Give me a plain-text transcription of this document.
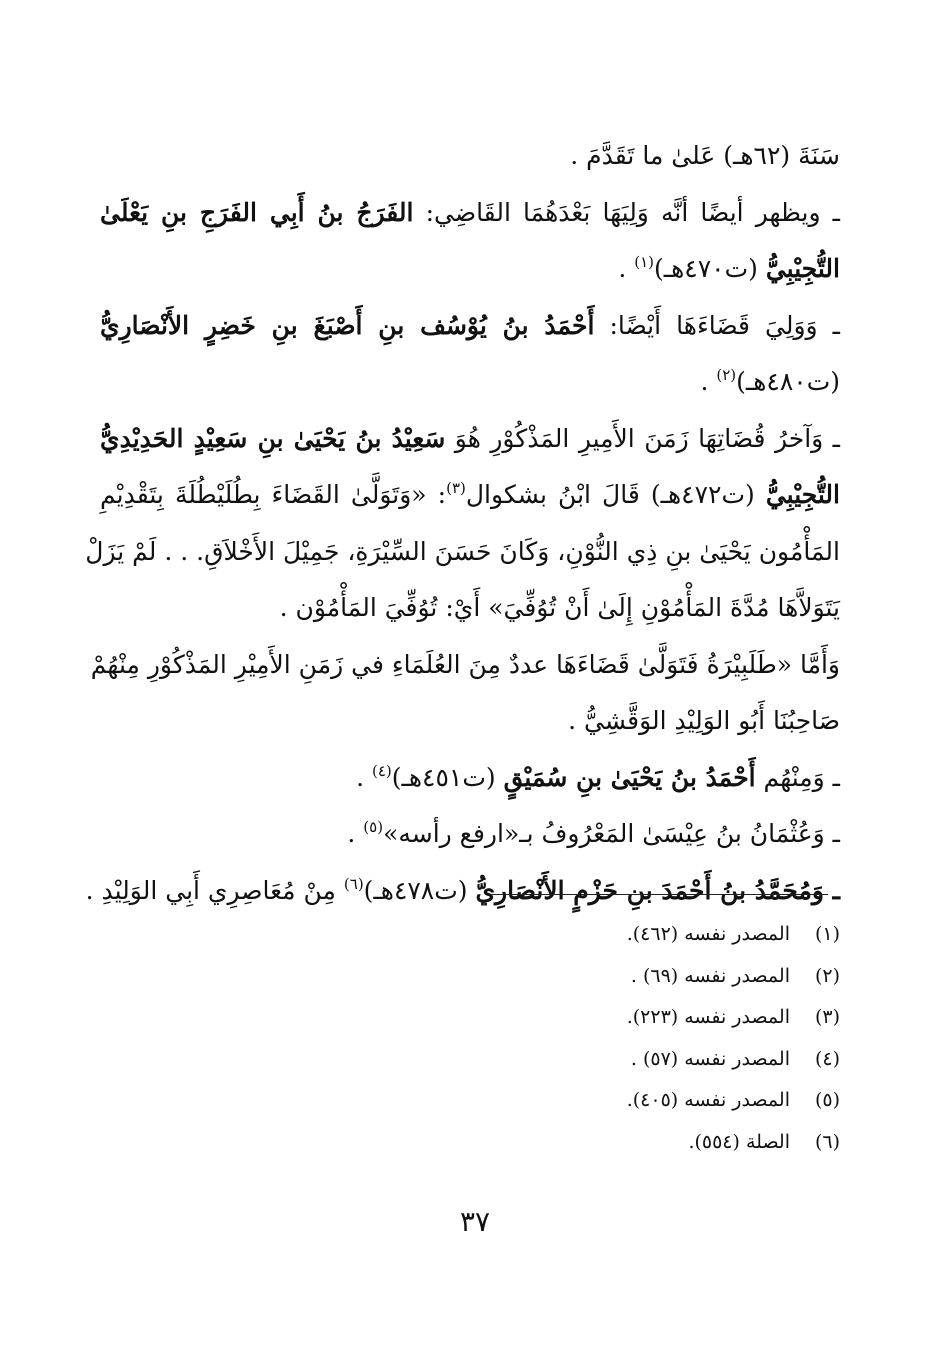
سَنَةَ (٦٢هـ) عَلىٰ ما تَقَدَّمَ .
ـ ويظهر أيضًا أنَّه وَلِيَهَا بَعْدَهُمَا القَاضِي: الفَرَجُ بنُ أَبِي الفَرَجِ بنِ يَعْلَىٰ
التُّجِيْبِيُّ (ت٤٧٠هـ)$^{(١)}$ .
ـ وَوَلِيَ قَضَاءَهَا أَيْضًا: أَحْمَدُ بنُ يُوْسُف بنِ أَصْبَغَ بنِ خَضِرٍ الأَنْصَارِيُّ
(ت٤٨٠هـ)$^{(٢)}$ .
ـ وَآخرُ قُضَاتِهَا زَمَنَ الأَمِيرِ المَذْكُوْرِ هُوَ سَعِيْدُ بنُ يَحْيَىٰ بنِ سَعِيْدٍ الحَدِيْدِيُّ
التُّجِيْبِيُّ (ت٤٧٢هـ) قَالَ ابْنُ بشكوال$^{(٣)}$: «وَتَوَلَّىٰ القَضَاءَ بِطُلَيْطُلَةَ بِتَقْدِيْمِ
المَأْمُون يَحْيَىٰ بنِ ذِي النُّوْنِ، وَكَانَ حَسَنَ السِّيْرَةِ، جَمِيْلَ الأَخْلاَقِ. . . لَمْ يَزَلْ
يَتَوَلاَّهَا مُدَّةَ المَأْمُوْنِ إِلَىٰ أَنْ تُوُفِّيَ» أَيْ: تُوُفِّيَ المَأْمُوْن .
وَأَمَّا «طَلَبِيْرَةُ فَتَوَلَّىٰ قَضَاءَهَا عددٌ مِنَ العُلَمَاءِ في زَمَنِ الأَمِيْرِ المَذْكُوْرِ مِنْهُمْ
صَاحِبُنَا أَبُو الوَلِيْدِ الوَقَّشِيُّ .
ـ وَمِنْهُم أَحْمَدُ بنُ يَحْيَىٰ بنِ سُمَيْقٍ (ت٤٥١هـ)$^{(٤)}$ .
ـ وَعُثْمَانُ بنُ عِيْسَىٰ المَعْرُوفُ بـ«ارفع رأسه»$^{(٥)}$ .
ـ وَمُحَمَّدُ بنُ أَحْمَدَ بنِ حَزْمٍ الأَنْصَارِيُّ (ت٤٧٨هـ)$^{(٦)}$ مِنْ مُعَاصِرِي أَبِي الوَلِيْدِ .
(١)المصدر نفسه (٤٦٢).
(٢)المصدر نفسه (٦٩) .
(٣)المصدر نفسه (٢٢٣).
(٤)المصدر نفسه (٥٧) .
(٥)المصدر نفسه (٤٠٥).
(٦)الصلة (٥٥٤).
٣٧
